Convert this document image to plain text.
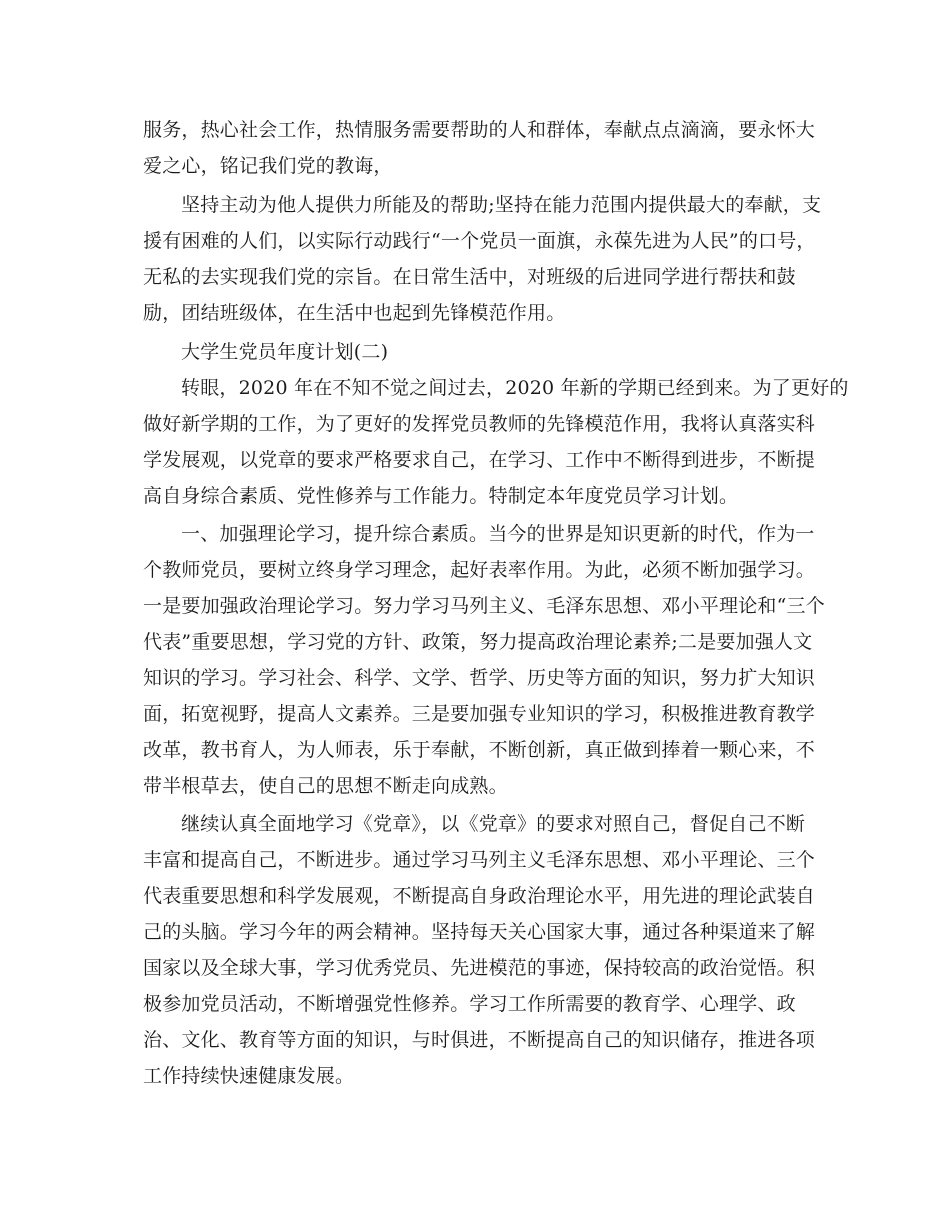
服务，热心社会工作，热情服务需要帮助的人和群体，奉献点点滴滴，要永怀大
爱之心，铭记我们党的教诲，
坚持主动为他人提供力所能及的帮助;坚持在能力范围内提供最大的奉献，支
援有困难的人们，以实际行动践行“一个党员一面旗，永葆先进为人民”的口号，
无私的去实现我们党的宗旨。在日常生活中，对班级的后进同学进行帮扶和鼓
励，团结班级体，在生活中也起到先锋模范作用。
大学生党员年度计划(二)
转眼，2020 年在不知不觉之间过去，2020 年新的学期已经到来。为了更好的
做好新学期的工作，为了更好的发挥党员教师的先锋模范作用，我将认真落实科
学发展观，以党章的要求严格要求自己，在学习、工作中不断得到进步，不断提
高自身综合素质、党性修养与工作能力。特制定本年度党员学习计划。
一、加强理论学习，提升综合素质。当今的世界是知识更新的时代，作为一
个教师党员，要树立终身学习理念，起好表率作用。为此，必须不断加强学习。
一是要加强政治理论学习。努力学习马列主义、毛泽东思想、邓小平理论和“三个
代表”重要思想，学习党的方针、政策，努力提高政治理论素养;二是要加强人文
知识的学习。学习社会、科学、文学、哲学、历史等方面的知识，努力扩大知识
面，拓宽视野，提高人文素养。三是要加强专业知识的学习，积极推进教育教学
改革，教书育人，为人师表，乐于奉献，不断创新，真正做到捧着一颗心来，不
带半根草去，使自己的思想不断走向成熟。
继续认真全面地学习《党章》，以《党章》的要求对照自己，督促自己不断
丰富和提高自己，不断进步。通过学习马列主义毛泽东思想、邓小平理论、三个
代表重要思想和科学发展观，不断提高自身政治理论水平，用先进的理论武装自
己的头脑。学习今年的两会精神。坚持每天关心国家大事，通过各种渠道来了解
国家以及全球大事，学习优秀党员、先进模范的事迹，保持较高的政治觉悟。积
极参加党员活动，不断增强党性修养。学习工作所需要的教育学、心理学、政
治、文化、教育等方面的知识，与时俱进，不断提高自己的知识储存，推进各项
工作持续快速健康发展。
